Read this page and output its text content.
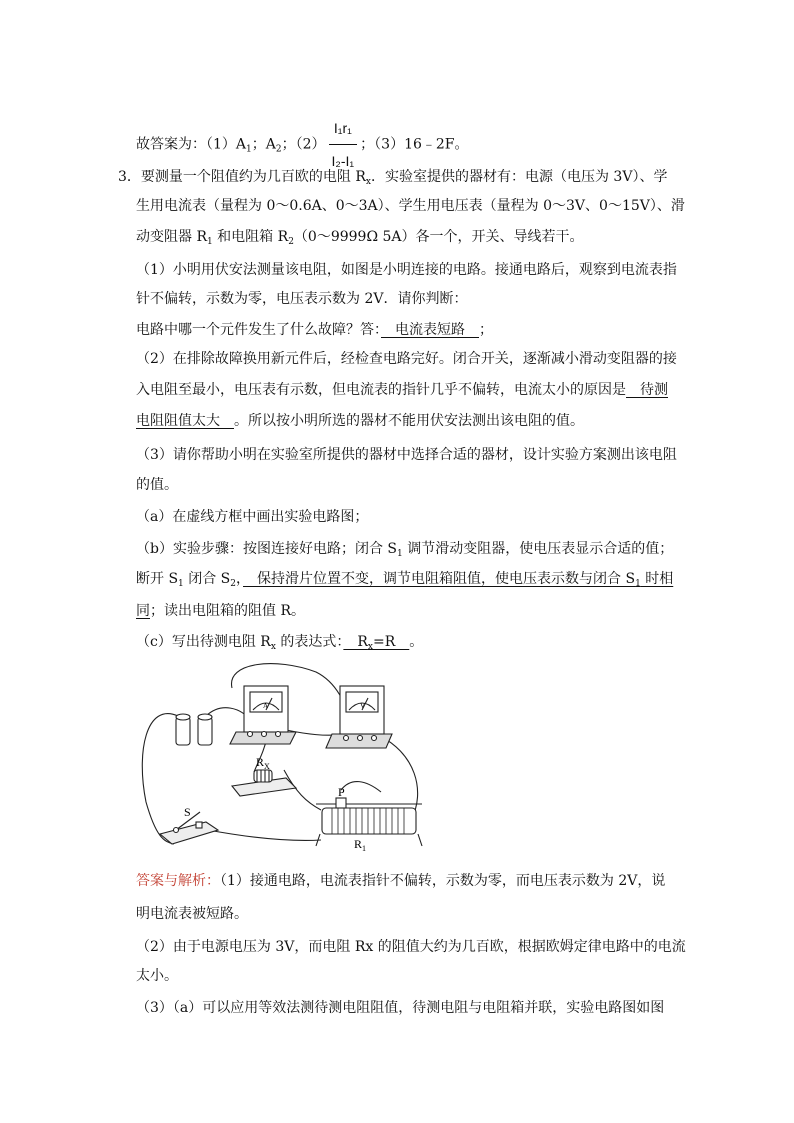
故答案为：$(1)A_1$；$A_2$；$(2) \frac{\text{I₁r₁}}{\text{I₂-I₁}}$ ；（3）16﹣2F。
3．要测量一个阻值约为几百欧的电阻 $R_x$．实验室提供的器材有：电源（电压为 3V）、学
生用电流表（量程为 0～0.6A、0～3A）、学生用电压表（量程为 0～3V、0～15V）、滑
动变阻器 $R_1$ 和电阻箱 $R_2(0\sim 9999\Omega$ 5A）各一个，开关、导线若干。
（1）小明用伏安法测量该电阻，如图是小明连接的电路。接通电路后，观察到电流表指
针不偏转，示数为零，电压表示数为 2V．请你判断：
电路中哪一个元件发生了什么故障？答：　电流表短路　；
（2）在排除故障换用新元件后，经检查电路完好。闭合开关，逐渐减小滑动变阻器的接
入电阻至最小，电压表有示数，但电流表的指针几乎不偏转，电流太小的原因是　待测
电阻阻值太大　。所以按小明所选的器材不能用伏安法测出该电阻的值。
（3）请你帮助小明在实验室所提供的器材中选择合适的器材，设计实验方案测出该电阻
的值。
（a）在虚线方框中画出实验电路图；
（b）实验步骤：按图连接好电路；闭合 $S_1$ 调节滑动变阻器，使电压表显示合适的值；
断开 $S_1$ 闭合 $S_2$，　保持滑片位置不变，调节电阻箱阻值，使电压表示数与闭合 $S_1$ 时相
同；读出电阻箱的阻值 R。
（c）写出待测电阻 $R_x$ 的表达式：　$R_x=R$　。
A	V
$R_X$
S
P
$R_1$
答案与解析：（1）接通电路，电流表指针不偏转，示数为零，而电压表示数为 2V，说
明电流表被短路。
（2）由于电源电压为 3V，而电阻 Rx 的阻值大约为几百欧，根据欧姆定律电路中的电流
太小。
（3）（a）可以应用等效法测待测电阻阻值，待测电阻与电阻箱并联，实验电路图如图
